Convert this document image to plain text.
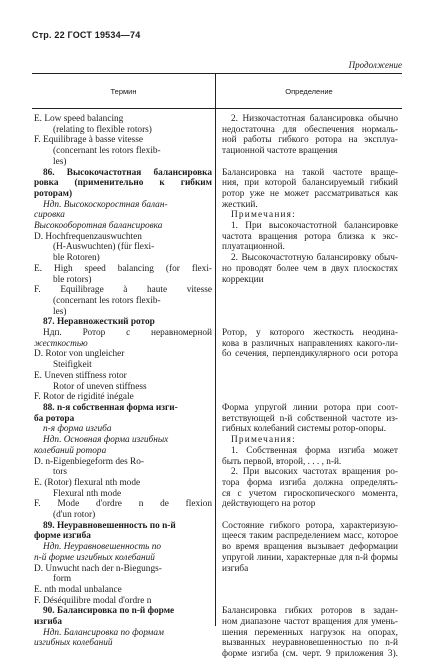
Стр. 22 ГОСТ 19534—74
Продолжение
Термин	Определение
E. Low speed balancing
(relating to flexible rotors)
F. Equilibrage à basse vitesse
(concernant les rotors flexib-
les)
86. Высокочастотная балансировка
ровка (применительно к гибким
роторам)
Ндп. Высокоскоростная балан-
сировка
Высокооборотная балансировка
D. Hochfrequenzauswuchten
(H-Auswuchten) (für flexi-
ble Rotoren)
E. High speed balancing (for flexi-
ble rotors)
F. Equilibrage à haute vitesse
(concernant les rotors flexib-
les)
87. Неравножесткий ротор
Ндп. Ротор с неравномерной
жесткостью
D. Rotor von ungleicher
Steifigkeit
E. Uneven stiffness rotor
Rotor of uneven stiffness
F. Rotor de rigidité inégale
88. n-я собственная форма изги-
ба ротора
n-я форма изгиба
Ндп. Основная форма изгибных
колебаний ротора
D. n-Eigenbiegeform des Ro-
tors
E. (Rotor) flexural nth mode
Flexural nth mode
F. Mode d'ordre n de flexion
(d'un rotor)
89. Неуравновешенность по n-й
форме изгиба
Ндп. Неуравновешенность по
n-й форме изгибных колебаний
D. Unwucht nach der n-Biegungs-
form
E. nth modal unbalance
F. Déséquilibre modal d'ordre n
90. Балансировка по n-й форме
изгиба
Ндп. Балансировка по формам
изгибных колебаний
2. Низкочастотная балансировка обычно
недостаточна для обеспечения нормаль-
ной работы гибкого ротора на эксплуа-
тационной частоте вращения

Балансировка на такой частоте враще-
ния, при которой балансируемый гибкий
ротор уже не может рассматриваться как
жесткий.
Примечания:
1. При высокочастотной балансировке
частота вращения ротора близка к экс-
плуатационной.
2. Высокочастотную балансировку обыч-
но проводят более чем в двух плоскостях
коррекции

Ротор, у которого жесткость неодина-
кова в различных направлениях какого-ли-
бо сечения, перпендикулярного оси ротора

Форма упругой линии ротора при соот-
ветствующей n-й собственной частоте из-
гибных колебаний системы ротор-опоры.
Примечания:
1. Собственная форма изгиба может
быть первой, второй, . . . , n-й.
2. При высоких частотах вращения ро-
тора форма изгиба должна определять-
ся с учетом гироскопического момента,
действующего на ротор

Состояние гибкого ротора, характеризую-
щееся таким распределением масс, которое
во время вращения вызывает деформации
упругой линии, характерные для n-й формы
изгиба

Балансировка гибких роторов в задан-
ном диапазоне частот вращения для умень-
шения переменных нагрузок на опорах,
вызванных неуравновешенностью по n-й
форме изгиба (см. черт. 9 приложения 3).
